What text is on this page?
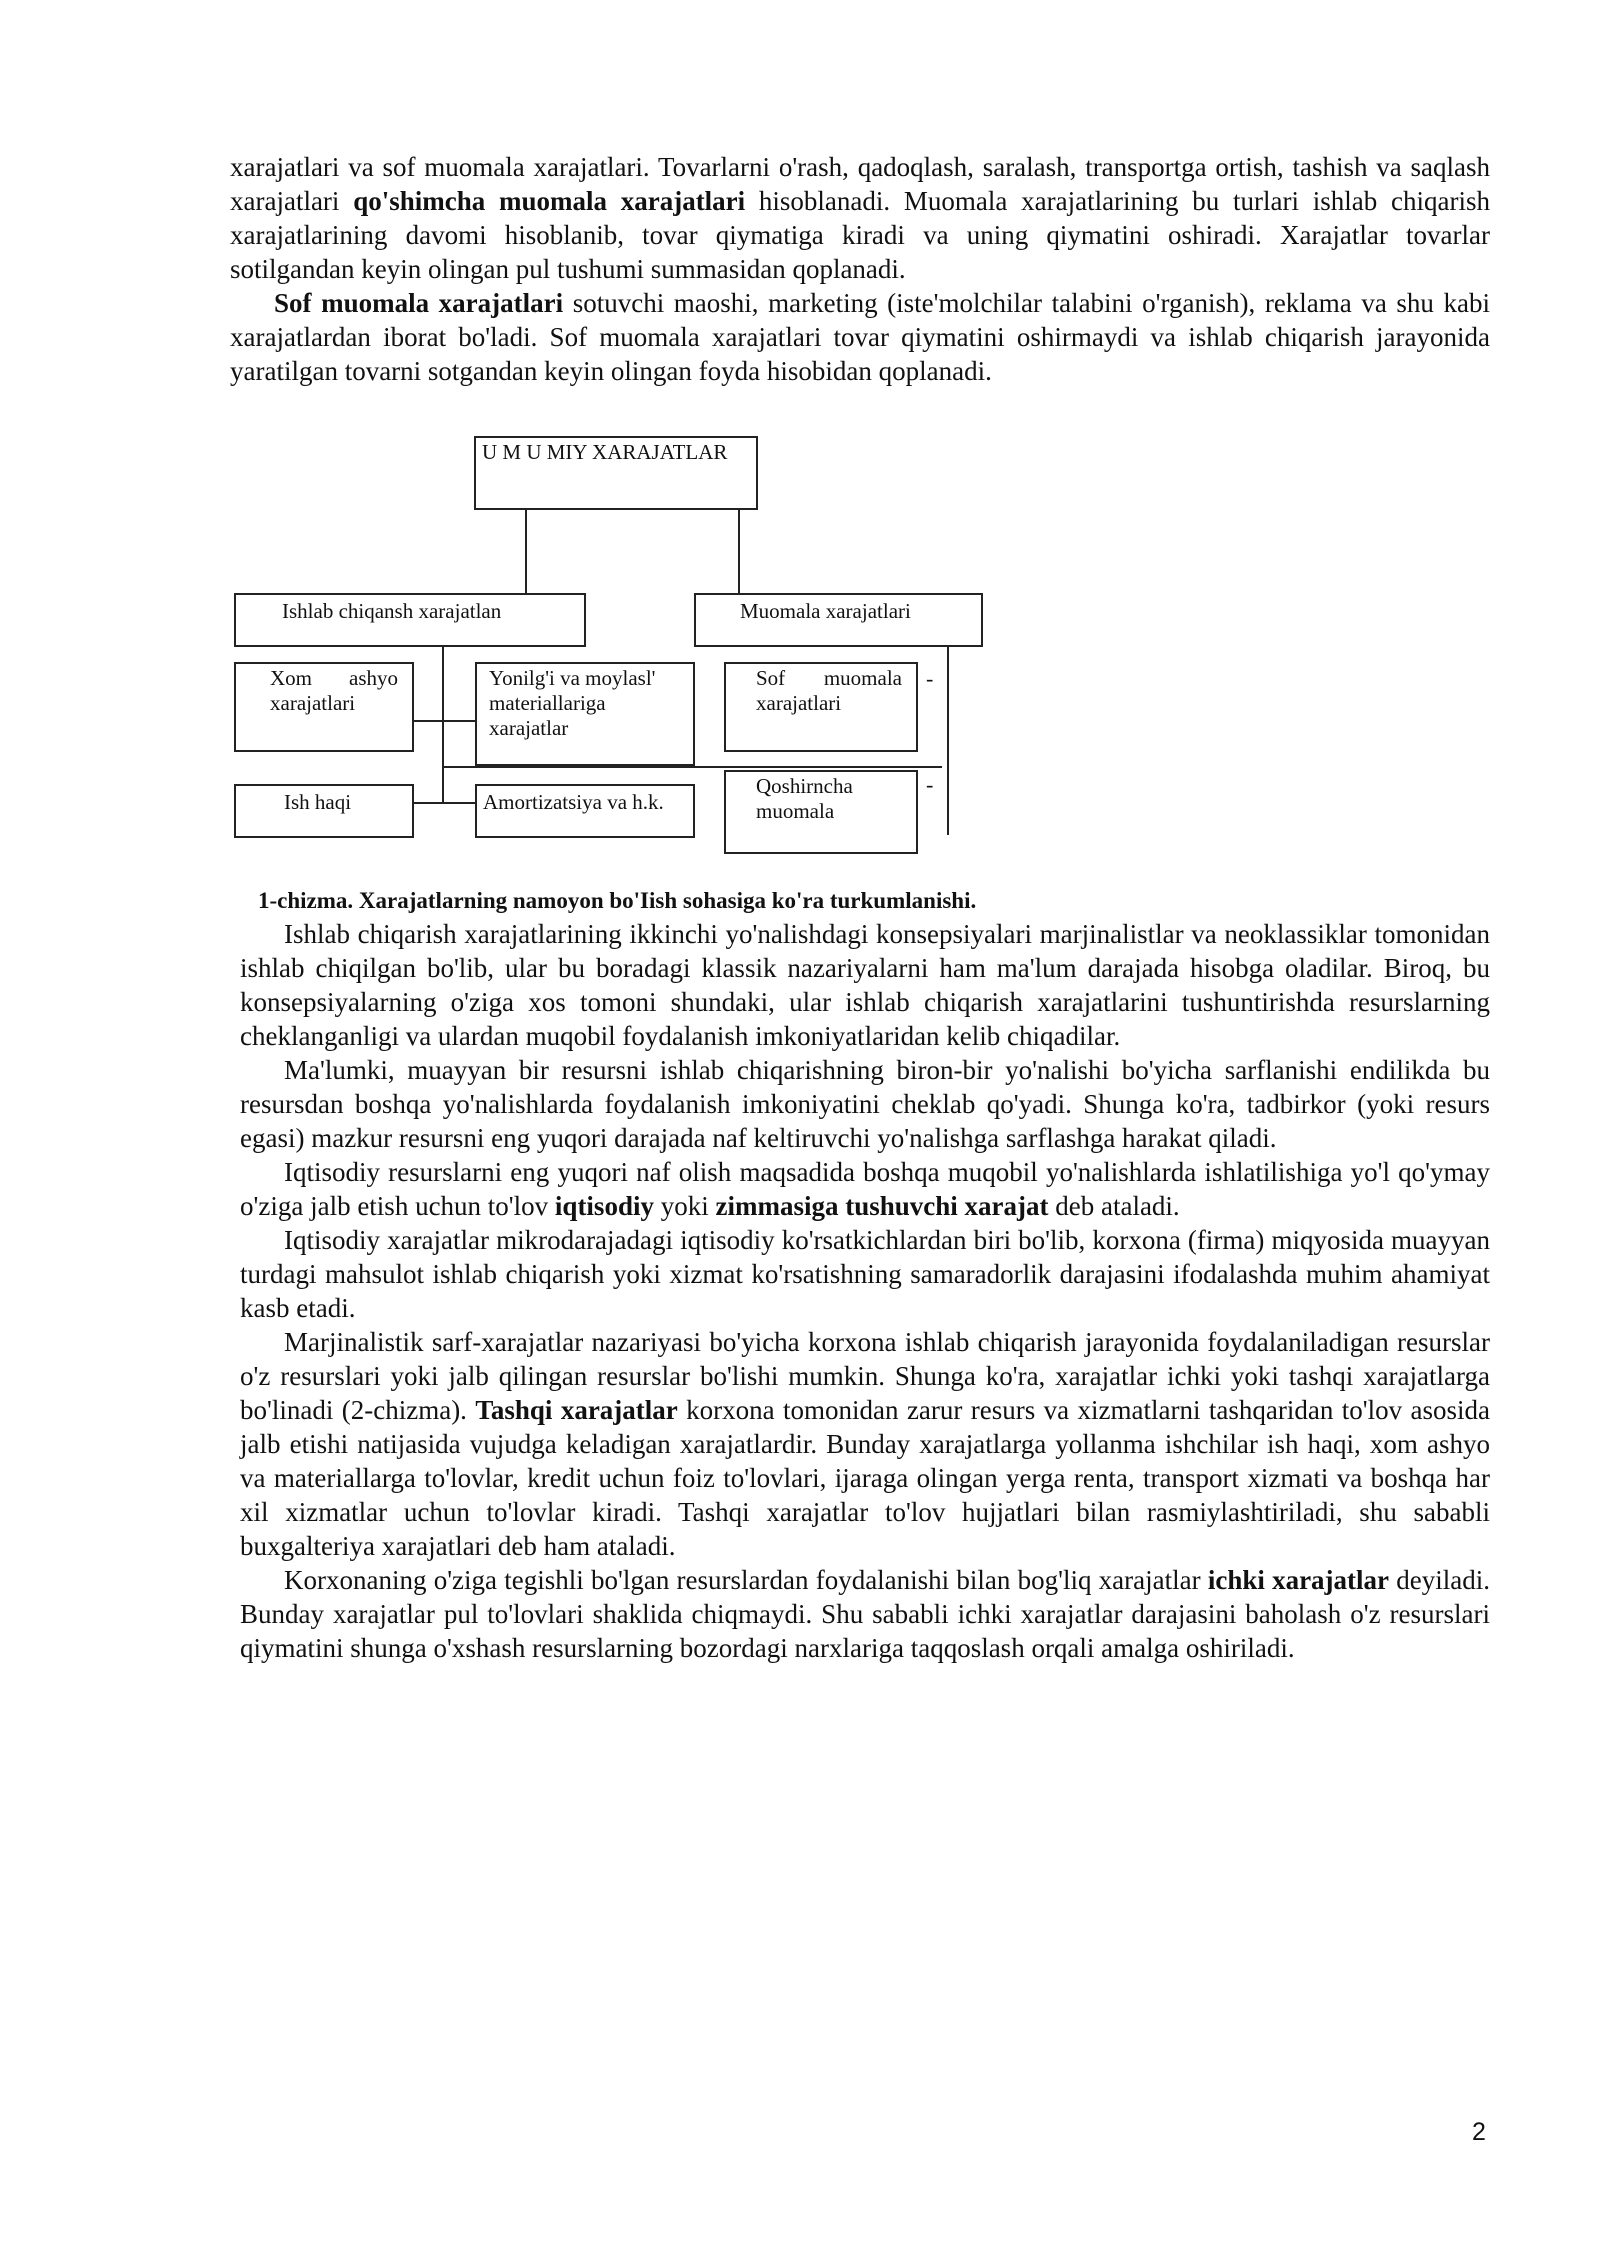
xarajatlari va sof muomala xarajatlari. Tovarlarni o'rash, qadoqlash, saralash, transportga ortish, tashish va saqlash xarajatlari qo'shimcha muomala xarajatlari hisoblanadi. Muomala xarajatlarining bu turlari ishlab chiqarish xarajatlarining davomi hisoblanib, tovar qiymatiga kiradi va uning qiymatini oshiradi. Xarajatlar tovarlar sotilgandan keyin olingan pul tushumi summasidan qoplanadi.

Sof muomala xarajatlari sotuvchi maoshi, marketing (iste'molchilar talabini o'rganish), reklama va shu kabi xarajatlardan iborat bo'ladi. Sof muomala xarajatlari tovar qiymatini oshirmaydi va ishlab chiqarish jarayonida yaratilgan tovarni sotgandan keyin olingan foyda hisobidan qoplanadi.

U M U MIY XARAJATLAR
Ishlab chiqansh xarajatlan	Muomala xarajatlari
Xom ashyo xarajatlari
Yonilg'i va moylasl' materiallariga xarajatlar
Ish haqi	Amortizatsiya va h.k.
Sof muomala xarajatlari
Qoshirncha muomala
-
-
1-chizma. Xarajatlarning namoyon bo'Iish sohasiga ko'ra turkumlanishi.

Ishlab chiqarish xarajatlarining ikkinchi yo'nalishdagi konsepsiyalari marjinalistlar va neoklassiklar tomonidan ishlab chiqilgan bo'lib, ular bu boradagi klassik nazariyalarni ham ma'lum darajada hisobga oladilar. Biroq, bu konsepsiyalarning o'ziga xos tomoni shundaki, ular ishlab chiqarish xarajatlarini tushuntirishda resurslarning cheklanganligi va ulardan muqobil foydalanish imkoniyatlaridan kelib chiqadilar.

Ma'lumki, muayyan bir resursni ishlab chiqarishning biron-bir yo'nalishi bo'yicha sarflanishi endilikda bu resursdan boshqa yo'nalishlarda foydalanish imkoniyatini cheklab qo'yadi. Shunga ko'ra, tadbirkor (yoki resurs egasi) mazkur resursni eng yuqori darajada naf keltiruvchi yo'nalishga sarflashga harakat qiladi.

Iqtisodiy resurslarni eng yuqori naf olish maqsadida boshqa muqobil yo'nalishlarda ishlatilishiga yo'l qo'ymay o'ziga jalb etish uchun to'lov iqtisodiy yoki zimmasiga tushuvchi xarajat deb ataladi.

Iqtisodiy xarajatlar mikrodarajadagi iqtisodiy ko'rsatkichlardan biri bo'lib, korxona (firma) miqyosida muayyan turdagi mahsulot ishlab chiqarish yoki xizmat ko'rsatishning samaradorlik darajasini ifodalashda muhim ahamiyat kasb etadi.

Marjinalistik sarf-xarajatlar nazariyasi bo'yicha korxona ishlab chiqarish jarayonida foydalaniladigan resurslar o'z resurslari yoki jalb qilingan resurslar bo'lishi mumkin. Shunga ko'ra, xarajatlar ichki yoki tashqi xarajatlarga bo'linadi (2-chizma). Tashqi xarajatlar korxona tomonidan zarur resurs va xizmatlarni tashqaridan to'lov asosida jalb etishi natijasida vujudga keladigan xarajatlardir. Bunday xarajatlarga yollanma ishchilar ish haqi, xom ashyo va materiallarga to'lovlar, kredit uchun foiz to'lovlari, ijaraga olingan yerga renta, transport xizmati va boshqa har xil xizmatlar uchun to'lovlar kiradi. Tashqi xarajatlar to'lov hujjatlari bilan rasmiylashtiriladi, shu sababli buxgalteriya xarajatlari deb ham ataladi.

Korxonaning o'ziga tegishli bo'lgan resurslardan foydalanishi bilan bog'liq xarajatlar ichki xarajatlar deyiladi. Bunday xarajatlar pul to'lovlari shaklida chiqmaydi. Shu sababli ichki xarajatlar darajasini baholash o'z resurslari qiymatini shunga o'xshash resurslarning bozordagi narxlariga taqqoslash orqali amalga oshiriladi.

2
